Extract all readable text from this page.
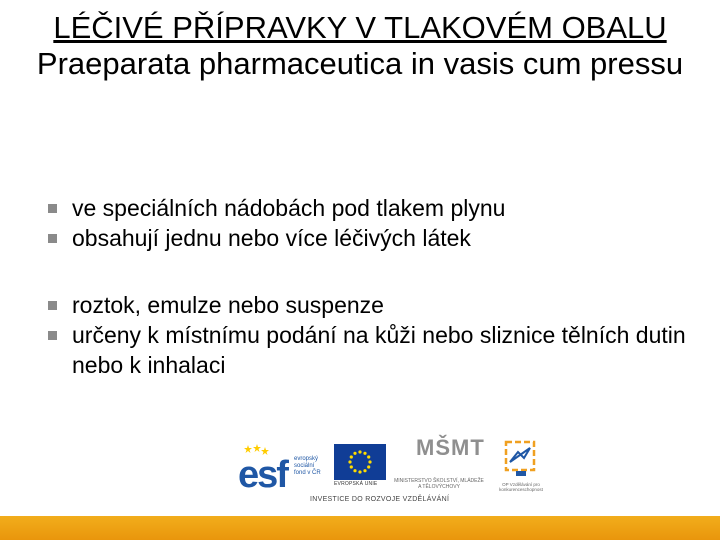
LÉČIVÉ PŘÍPRAVKY V TLAKOVÉM OBALU
Praeparata pharmaceutica in vasis cum pressu
ve speciálních nádobách pod tlakem plynu
obsahují jednu nebo více léčivých látek
roztok, emulze nebo suspenze
určeny k místnímu podání na kůži nebo sliznice tělních dutin nebo k inhalaci
esf evropský sociální fond v ČR
EVROPSKÁ UNIE
MŠMT
MINISTERSTVO ŠKOLSTVÍ, MLÁDEŽE A TĚLOVÝCHOVY	OP Vzdělávání pro konkurenceschopnost
INVESTICE DO ROZVOJE VZDĚLÁVÁNÍ
